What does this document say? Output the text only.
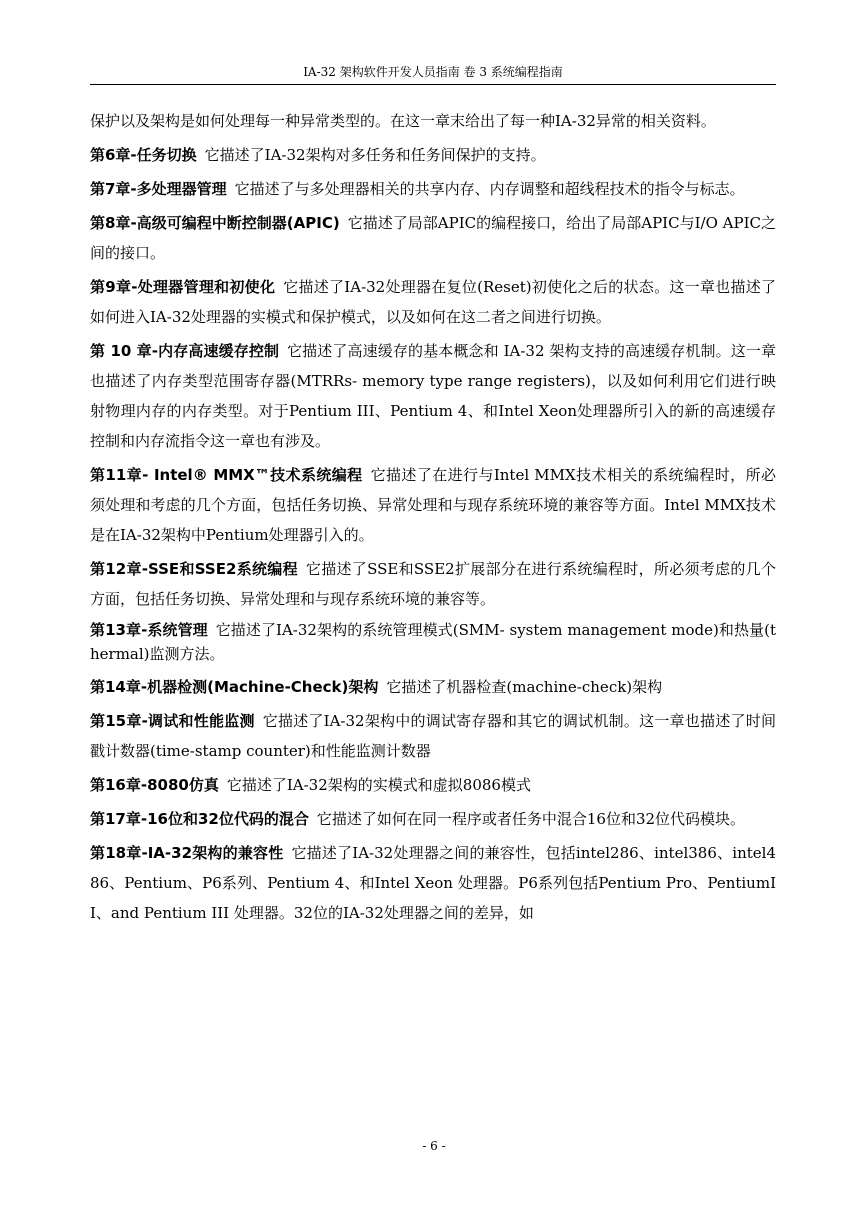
IA-32 架构软件开发人员指南 卷 3 系统编程指南

保护以及架构是如何处理每一种异常类型的。在这一章末给出了每一种IA-32异常的相关资料。

第6章-任务切换 它描述了IA-32架构对多任务和任务间保护的支持。

第7章-多处理器管理 它描述了与多处理器相关的共享内存、内存调整和超线程技术的指令与标志。

第8章-高级可编程中断控制器(APIC) 它描述了局部APIC的编程接口，给出了局部APIC与I/O APIC之间的接口。

第9章-处理器管理和初使化 它描述了IA-32处理器在复位(Reset)初使化之后的状态。这一章也描述了如何进入IA-32处理器的实模式和保护模式，以及如何在这二者之间进行切换。

第 10 章-内存高速缓存控制 它描述了高速缓存的基本概念和 IA-32 架构支持的高速缓存机制。这一章也描述了内存类型范围寄存器(MTRRs- memory type range registers)，以及如何利用它们进行映射物理内存的内存类型。对于Pentium III、Pentium 4、和Intel Xeon处理器所引入的新的高速缓存控制和内存流指令这一章也有涉及。

第11章- Intel® MMX™技术系统编程 它描述了在进行与Intel MMX技术相关的系统编程时，所必须处理和考虑的几个方面，包括任务切换、异常处理和与现存系统环境的兼容等方面。Intel MMX技术是在IA-32架构中Pentium处理器引入的。

第12章-SSE和SSE2系统编程 它描述了SSE和SSE2扩展部分在进行系统编程时，所必须考虑的几个方面，包括任务切换、异常处理和与现存系统环境的兼容等。

第13章-系统管理 它描述了IA-32架构的系统管理模式(SMM- system management mode)和热量(thermal)监测方法。

第14章-机器检测(Machine-Check)架构 它描述了机器检查(machine-check)架构

第15章-调试和性能监测 它描述了IA-32架构中的调试寄存器和其它的调试机制。这一章也描述了时间戳计数器(time-stamp counter)和性能监测计数器

第16章-8080仿真 它描述了IA-32架构的实模式和虚拟8086模式

第17章-16位和32位代码的混合 它描述了如何在同一程序或者任务中混合16位和32位代码模块。

第18章-IA-32架构的兼容性 它描述了IA-32处理器之间的兼容性，包括intel286、intel386、intel486、Pentium、P6系列、Pentium 4、和Intel Xeon 处理器。P6系列包括Pentium Pro、PentiumII、and Pentium III 处理器。32位的IA-32处理器之间的差异，如

- 6 -
